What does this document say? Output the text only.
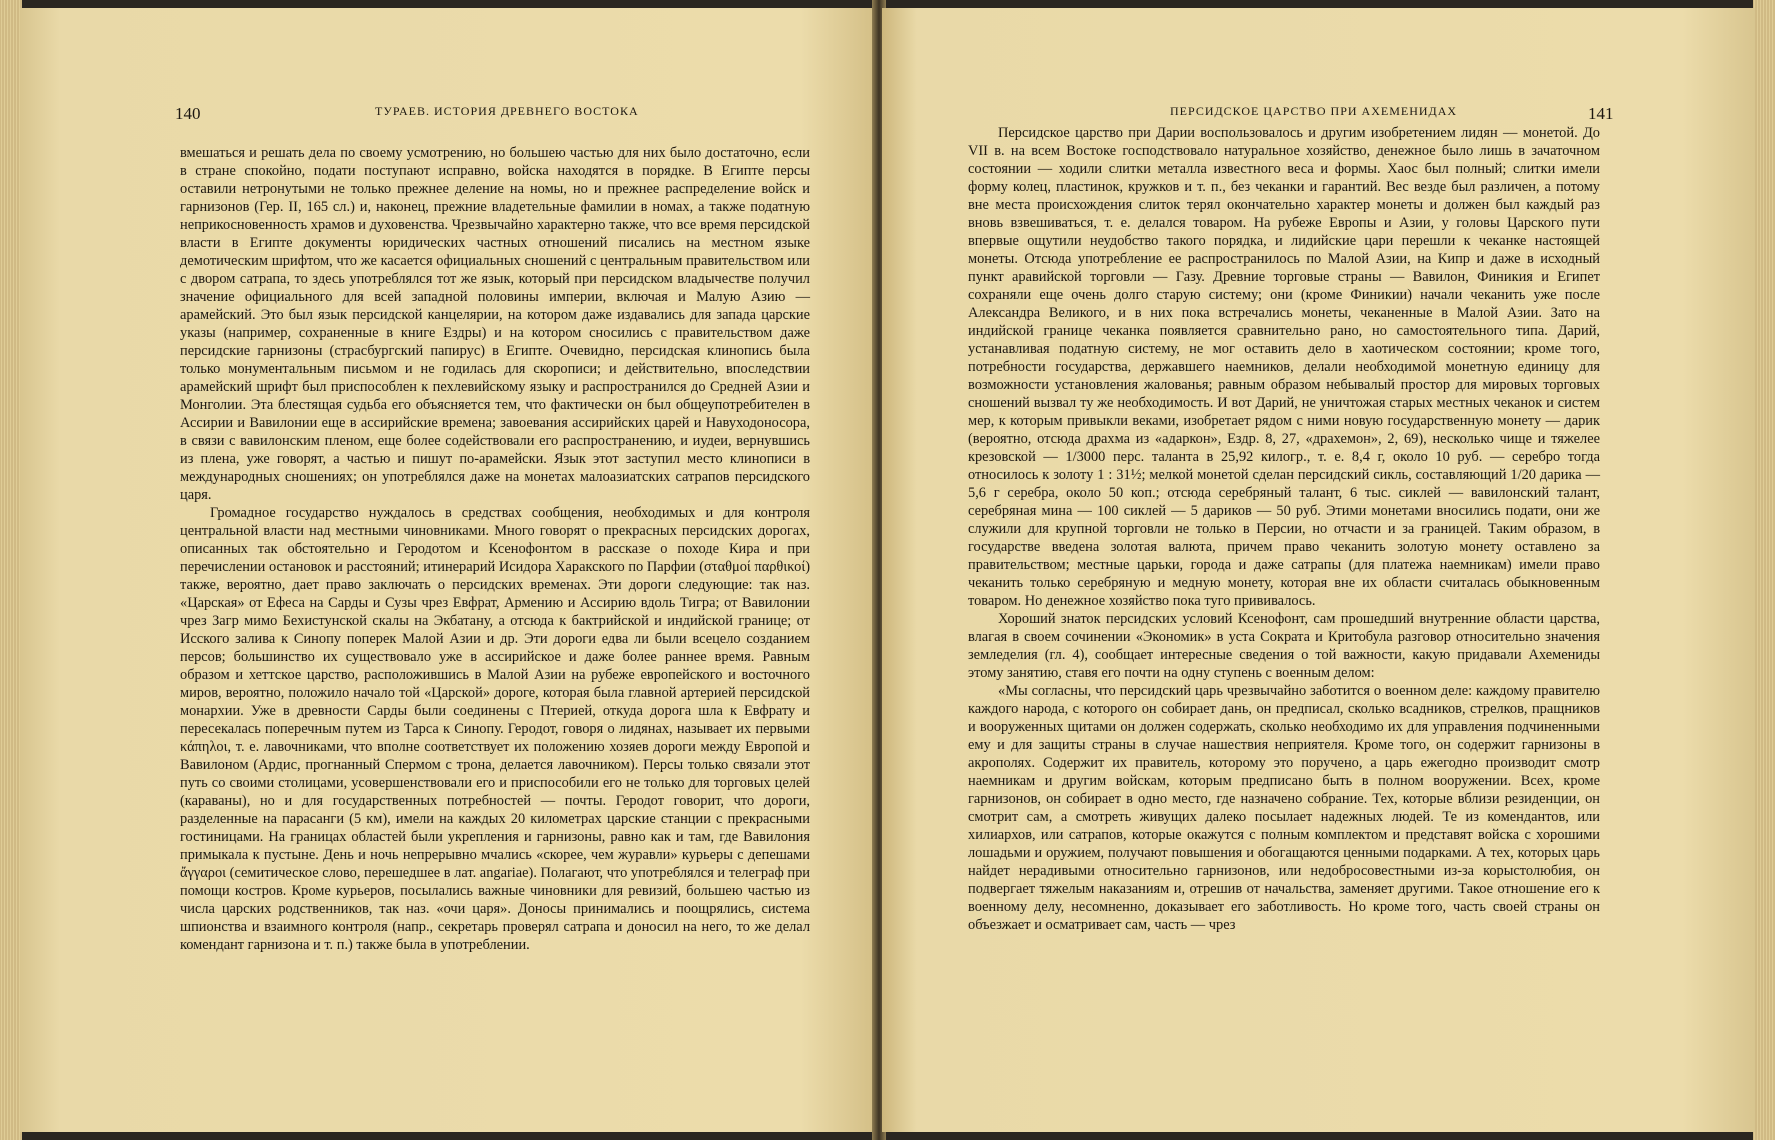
140	ТУРАЕВ. ИСТОРИЯ ДРЕВНЕГО ВОСТОКА

вмешаться и решать дела по своему усмотрению, но большею частью для них было достаточно, если в стране спокойно, подати поступают исправно, войска находятся в порядке. В Египте персы оставили нетронутыми не только прежнее деление на номы, но и прежнее распределение войск и гарнизонов (Гер. II, 165 сл.) и, наконец, прежние владетельные фамилии в номах, а также податную неприкосновенность храмов и духовенства. Чрезвычайно характерно также, что все время персидской власти в Египте документы юридических частных отношений писались на местном языке демотическим шрифтом, что же касается официальных сношений с центральным правительством или с двором сатрапа, то здесь употреблялся тот же язык, который при персидском владычестве получил значение официального для всей западной половины империи, включая и Малую Азию — арамейский. Это был язык персидской канцелярии, на котором даже издавались для запада царские указы (например, сохраненные в книге Ездры) и на котором сносились с правительством даже персидские гарнизоны (страсбургский папирус) в Египте. Очевидно, персидская клинопись была только монументальным письмом и не годилась для скорописи; и действительно, впоследствии арамейский шрифт был приспособлен к пехлевийскому языку и распространился до Средней Азии и Монголии. Эта блестящая судьба его объясняется тем, что фактически он был общеупотребителен в Ассирии и Вавилонии еще в ассирийские времена; завоевания ассирийских царей и Навуходоносора, в связи с вавилонским пленом, еще более содействовали его распространению, и иудеи, вернувшись из плена, уже говорят, а частью и пишут по-арамейски. Язык этот заступил место клинописи в международных сношениях; он употреблялся даже на монетах малоазиатских сатрапов персидского царя.

Громадное государство нуждалось в средствах сообщения, необходимых и для контроля центральной власти над местными чиновниками. Много говорят о прекрасных персидских дорогах, описанных так обстоятельно и Геродотом и Ксенофонтом в рассказе о походе Кира и при перечислении остановок и расстояний; итинерарий Исидора Харакского по Парфии (σταθμοί παρθικοί) также, вероятно, дает право заключать о персидских временах. Эти дороги следующие: так наз. «Царская» от Ефеса на Сарды и Сузы чрез Евфрат, Армению и Ассирию вдоль Тигра; от Вавилонии чрез Загр мимо Бехистунской скалы на Экбатану, а отсюда к бактрийской и индийской границе; от Исского залива к Синопу поперек Малой Азии и др. Эти дороги едва ли были всецело созданием персов; большинство их существовало уже в ассирийское и даже более раннее время. Равным образом и хеттское царство, расположившись в Малой Азии на рубеже европейского и восточного миров, вероятно, положило начало той «Царской» дороге, которая была главной артерией персидской монархии. Уже в древности Сарды были соединены с Птерией, откуда дорога шла к Евфрату и пересекалась поперечным путем из Тарса к Синопу. Геродот, говоря о лидянах, называет их первыми κάπηλοι, т. е. лавочниками, что вполне соответствует их положению хозяев дороги между Европой и Вавилоном (Ардис, прогнанный Спермом с трона, делается лавочником). Персы только связали этот путь со своими столицами, усовершенствовали его и приспособили его не только для торговых целей (караваны), но и для государственных потребностей — почты. Геродот говорит, что дороги, разделенные на парасанги (5 км), имели на каждых 20 километрах царские станции с прекрасными гостиницами. На границах областей были укрепления и гарнизоны, равно как и там, где Вавилония примыкала к пустыне. День и ночь непрерывно мчались «скорее, чем журавли» курьеры с депешами ἄγγαροι (семитическое слово, перешедшее в лат. angariae). Полагают, что употреблялся и телеграф при помощи костров. Кроме курьеров, посылались важные чиновники для ревизий, большею частью из числа царских родственников, так наз. «очи царя». Доносы принимались и поощрялись, система шпионства и взаимного контроля (напр., секретарь проверял сатрапа и доносил на него, то же делал комендант гарнизона и т. п.) также была в употреблении.

ПЕРСИДСКОЕ ЦАРСТВО ПРИ АХЕМЕНИДАХ	141

Персидское царство при Дарии воспользовалось и другим изобретением лидян — монетой. До VII в. на всем Востоке господствовало натуральное хозяйство, денежное было лишь в зачаточном состоянии — ходили слитки металла известного веса и формы. Хаос был полный; слитки имели форму колец, пластинок, кружков и т. п., без чеканки и гарантий. Вес везде был различен, а потому вне места происхождения слиток терял окончательно характер монеты и должен был каждый раз вновь взвешиваться, т. е. делался товаром. На рубеже Европы и Азии, у головы Царского пути впервые ощутили неудобство такого порядка, и лидийские цари перешли к чеканке настоящей монеты. Отсюда употребление ее распространилось по Малой Азии, на Кипр и даже в исходный пункт аравийской торговли — Газу. Древние торговые страны — Вавилон, Финикия и Египет сохраняли еще очень долго старую систему; они (кроме Финикии) начали чеканить уже после Александра Великого, и в них пока встречались монеты, чеканенные в Малой Азии. Зато на индийской границе чеканка появляется сравнительно рано, но самостоятельного типа. Дарий, устанавливая податную систему, не мог оставить дело в хаотическом состоянии; кроме того, потребности государства, державшего наемников, делали необходимой монетную единицу для возможности установления жалованья; равным образом небывалый простор для мировых торговых сношений вызвал ту же необходимость. И вот Дарий, не уничтожая старых местных чеканок и систем мер, к которым привыкли веками, изобретает рядом с ними новую государственную монету — дарик (вероятно, отсюда драхма из «адаркон», Ездр. 8, 27, «драхемон», 2, 69), несколько чище и тяжелее крезовской — 1/3000 перс. таланта в 25,92 килогр., т. е. 8,4 г, около 10 руб. — серебро тогда относилось к золоту 1 : 31½; мелкой монетой сделан персидский сикль, составляющий 1/20 дарика — 5,6 г серебра, около 50 коп.; отсюда серебряный талант, 6 тыс. сиклей — вавилонский талант, серебряная мина — 100 сиклей — 5 дариков — 50 руб. Этими монетами вносились подати, они же служили для крупной торговли не только в Персии, но отчасти и за границей. Таким образом, в государстве введена золотая валюта, причем право чеканить золотую монету оставлено за правительством; местные царьки, города и даже сатрапы (для платежа наемникам) имели право чеканить только серебряную и медную монету, которая вне их области считалась обыкновенным товаром. Но денежное хозяйство пока туго прививалось.

Хороший знаток персидских условий Ксенофонт, сам прошедший внутренние области царства, влагая в своем сочинении «Экономик» в уста Сократа и Критобула разговор относительно значения земледелия (гл. 4), сообщает интересные сведения о той важности, какую придавали Ахемениды этому занятию, ставя его почти на одну ступень с военным делом:

«Мы согласны, что персидский царь чрезвычайно заботится о военном деле: каждому правителю каждого народа, с которого он собирает дань, он предписал, сколько всадников, стрелков, пращников и вооруженных щитами он должен содержать, сколько необходимо их для управления подчиненными ему и для защиты страны в случае нашествия неприятеля. Кроме того, он содержит гарнизоны в акрополях. Содержит их правитель, которому это поручено, а царь ежегодно производит смотр наемникам и другим войскам, которым предписано быть в полном вооружении. Всех, кроме гарнизонов, он собирает в одно место, где назначено собрание. Тех, которые вблизи резиденции, он смотрит сам, а смотреть живущих далеко посылает надежных людей. Те из комендантов, или хилиархов, или сатрапов, которые окажутся с полным комплектом и представят войска с хорошими лошадьми и оружием, получают повышения и обогащаются ценными подарками. А тех, которых царь найдет нерадивыми относительно гарнизонов, или недобросовестными из-за корыстолюбия, он подвергает тяжелым наказаниям и, отрешив от начальства, заменяет другими. Такое отношение его к военному делу, несомненно, доказывает его заботливость. Но кроме того, часть своей страны он объезжает и осматривает сам, часть — чрез
